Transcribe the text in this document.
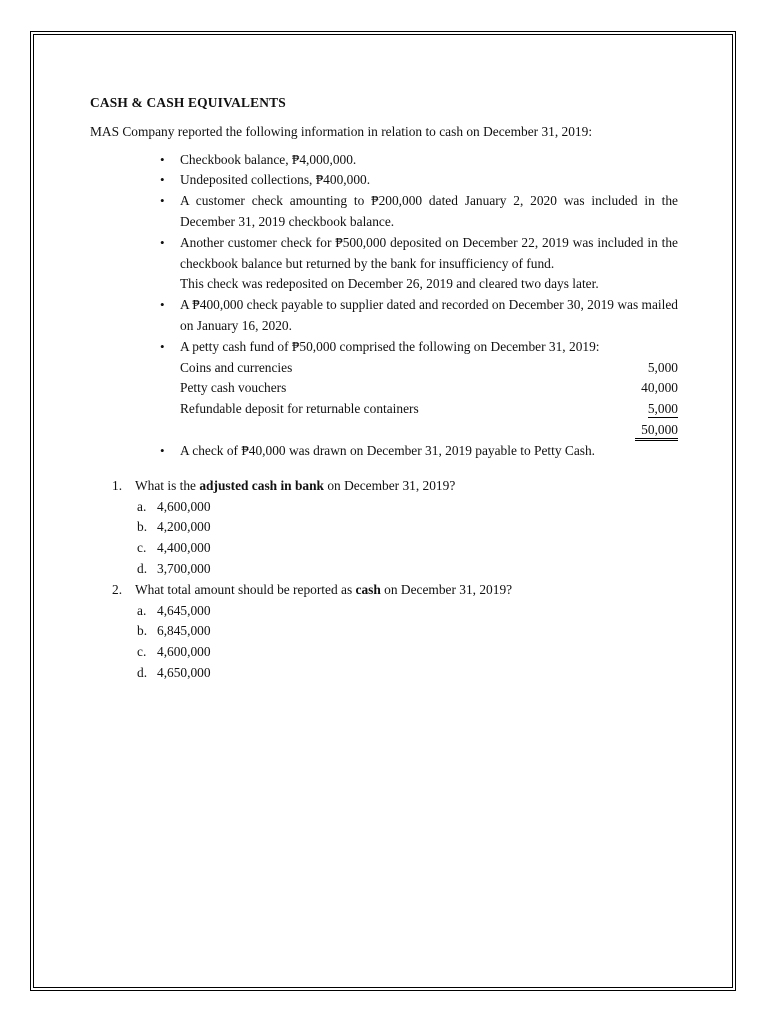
CASH & CASH EQUIVALENTS
MAS Company reported the following information in relation to cash on December 31, 2019:
• Checkbook balance, ₱4,000,000.
• Undeposited collections, ₱400,000.
• A customer check amounting to ₱200,000 dated January 2, 2020 was included in the December 31, 2019 checkbook balance.
• Another customer check for ₱500,000 deposited on December 22, 2019 was included in the checkbook balance but returned by the bank for insufficiency of fund.
This check was redeposited on December 26, 2019 and cleared two days later.
• A ₱400,000 check payable to supplier dated and recorded on December 30, 2019 was mailed on January 16, 2020.
• A petty cash fund of ₱50,000 comprised the following on December 31, 2019:
Coins and currencies	5,000
Petty cash vouchers	40,000
Refundable deposit for returnable containers	5,000
	50,000
• A check of ₱40,000 was drawn on December 31, 2019 payable to Petty Cash.
1. What is the adjusted cash in bank on December 31, 2019?
a. 4,600,000
b. 4,200,000
c. 4,400,000
d. 3,700,000
2. What total amount should be reported as cash on December 31, 2019?
a. 4,645,000
b. 6,845,000
c. 4,600,000
d. 4,650,000
